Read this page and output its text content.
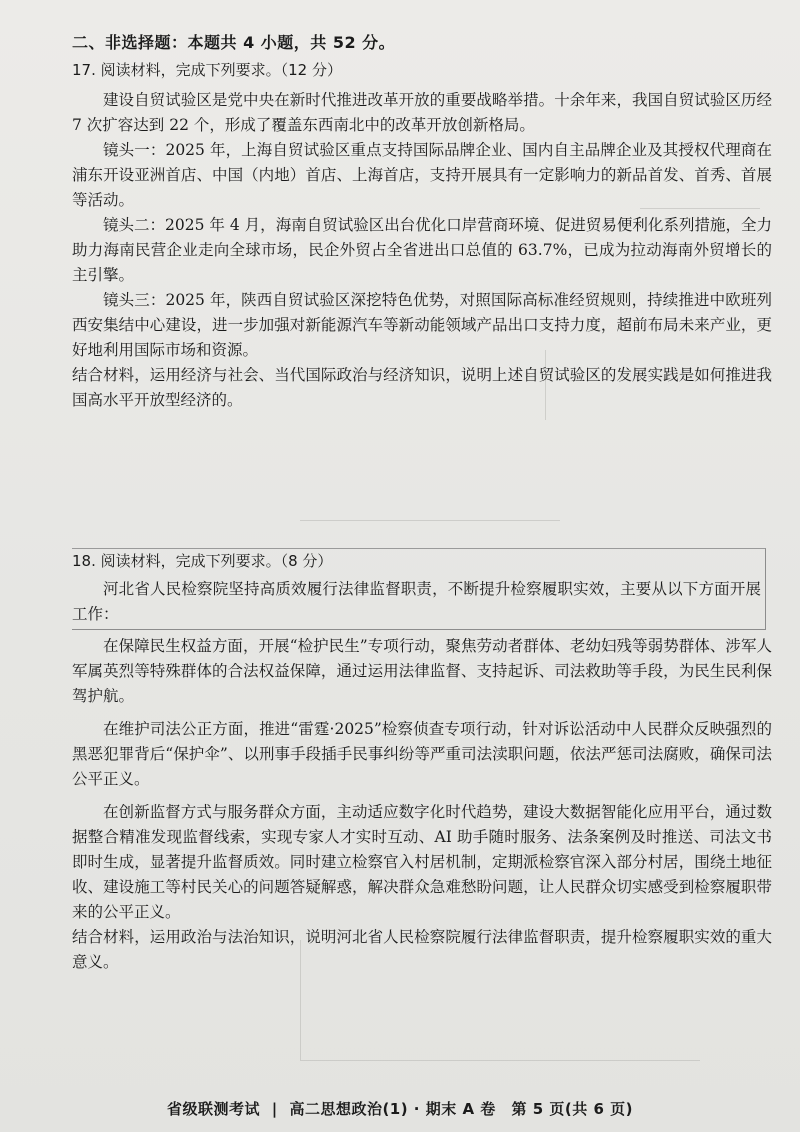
二、非选择题：本题共 4 小题，共 52 分。

17. 阅读材料，完成下列要求。（12 分）

建设自贸试验区是党中央在新时代推进改革开放的重要战略举措。十余年来，我国自贸试验区历经 7 次扩容达到 22 个，形成了覆盖东西南北中的改革开放创新格局。

镜头一：2025 年，上海自贸试验区重点支持国际品牌企业、国内自主品牌企业及其授权代理商在浦东开设亚洲首店、中国（内地）首店、上海首店，支持开展具有一定影响力的新品首发、首秀、首展等活动。

镜头二：2025 年 4 月，海南自贸试验区出台优化口岸营商环境、促进贸易便利化系列措施，全力助力海南民营企业走向全球市场，民企外贸占全省进出口总值的 63.7%，已成为拉动海南外贸增长的主引擎。

镜头三：2025 年，陕西自贸试验区深挖特色优势，对照国际高标准经贸规则，持续推进中欧班列西安集结中心建设，进一步加强对新能源汽车等新动能领域产品出口支持力度，超前布局未来产业，更好地利用国际市场和资源。

结合材料，运用经济与社会、当代国际政治与经济知识，说明上述自贸试验区的发展实践是如何推进我国高水平开放型经济的。

18. 阅读材料，完成下列要求。（8 分）

河北省人民检察院坚持高质效履行法律监督职责，不断提升检察履职实效，主要从以下方面开展工作：

在保障民生权益方面，开展“检护民生”专项行动，聚焦劳动者群体、老幼妇残等弱势群体、涉军人军属英烈等特殊群体的合法权益保障，通过运用法律监督、支持起诉、司法救助等手段，为民生民利保驾护航。

在维护司法公正方面，推进“雷霆·2025”检察侦查专项行动，针对诉讼活动中人民群众反映强烈的黑恶犯罪背后“保护伞”、以刑事手段插手民事纠纷等严重司法渎职问题，依法严惩司法腐败，确保司法公平正义。

在创新监督方式与服务群众方面，主动适应数字化时代趋势，建设大数据智能化应用平台，通过数据整合精准发现监督线索，实现专家人才实时互动、AI 助手随时服务、法条案例及时推送、司法文书即时生成，显著提升监督质效。同时建立检察官入村居机制，定期派检察官深入部分村居，围绕土地征收、建设施工等村民关心的问题答疑解惑，解决群众急难愁盼问题，让人民群众切实感受到检察履职带来的公平正义。

结合材料，运用政治与法治知识，说明河北省人民检察院履行法律监督职责，提升检察履职实效的重大意义。

省级联测考试 | 高二思想政治(1) · 期末 A 卷 第 5 页(共 6 页)
